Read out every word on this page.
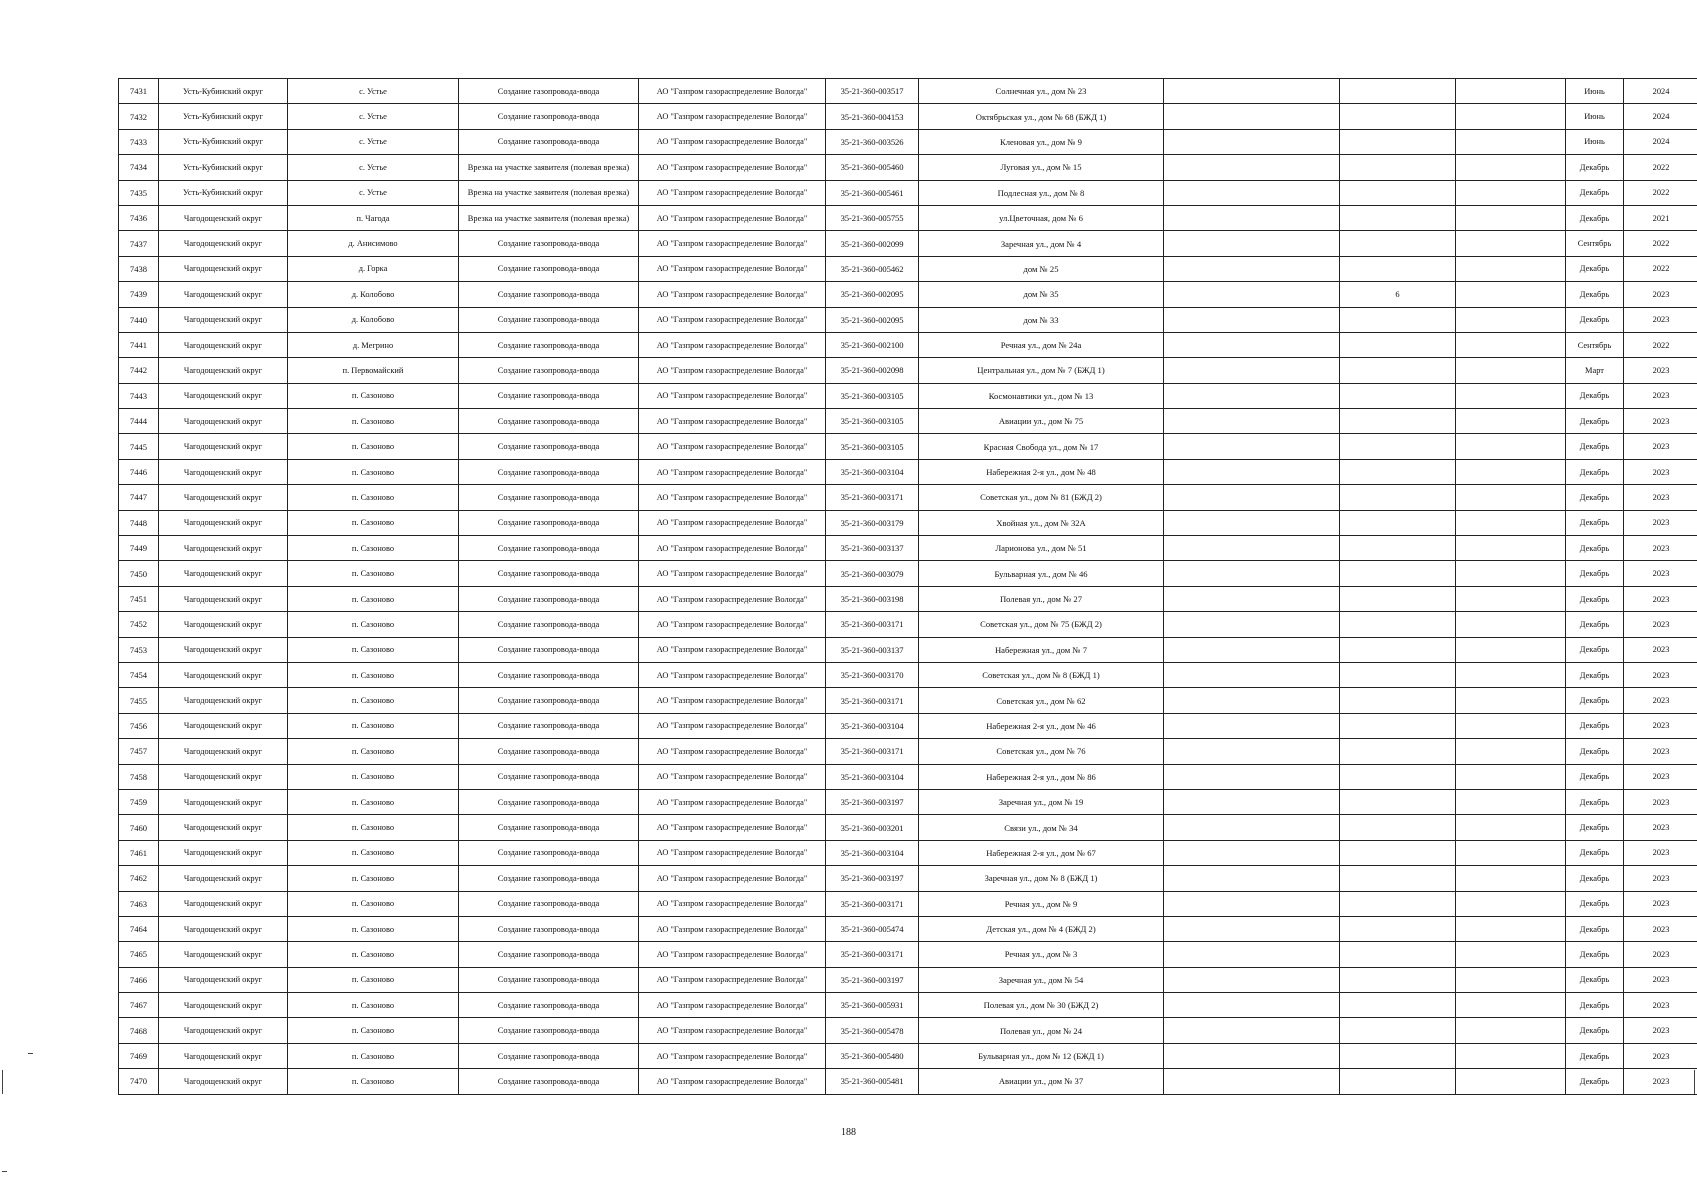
7431	Усть-Кубинский округ	с. Устье	Создание газопровода-ввода	АО "Газпром газораспределение Вологда"	35-21-360-003517	Солнечная ул., дом № 23				Июнь	2024
7432	Усть-Кубинский округ	с. Устье	Создание газопровода-ввода	АО "Газпром газораспределение Вологда"	35-21-360-004153	Октябрьская ул., дом № 68 (БЖД 1)				Июнь	2024
7433	Усть-Кубинский округ	с. Устье	Создание газопровода-ввода	АО "Газпром газораспределение Вологда"	35-21-360-003526	Кленовая ул., дом № 9				Июнь	2024
7434	Усть-Кубинский округ	с. Устье	Врезка на участке заявителя (полевая врезка)	АО "Газпром газораспределение Вологда"	35-21-360-005460	Луговая ул., дом № 15				Декабрь	2022
7435	Усть-Кубинский округ	с. Устье	Врезка на участке заявителя (полевая врезка)	АО "Газпром газораспределение Вологда"	35-21-360-005461	Подлесная ул., дом № 8				Декабрь	2022
7436	Чагодощенский округ	п. Чагода	Врезка на участке заявителя (полевая врезка)	АО "Газпром газораспределение Вологда"	35-21-360-005755	ул.Цветочная, дом № 6				Декабрь	2021
7437	Чагодощенский округ	д. Анисимово	Создание газопровода-ввода	АО "Газпром газораспределение Вологда"	35-21-360-002099	Заречная ул., дом № 4				Сентябрь	2022
7438	Чагодощенский округ	д. Горка	Создание газопровода-ввода	АО "Газпром газораспределение Вологда"	35-21-360-005462	дом № 25				Декабрь	2022
7439	Чагодощенский округ	д. Колобово	Создание газопровода-ввода	АО "Газпром газораспределение Вологда"	35-21-360-002095	дом № 35		6		Декабрь	2023
7440	Чагодощенский округ	д. Колобово	Создание газопровода-ввода	АО "Газпром газораспределение Вологда"	35-21-360-002095	дом № 33				Декабрь	2023
7441	Чагодощенский округ	д. Мегрино	Создание газопровода-ввода	АО "Газпром газораспределение Вологда"	35-21-360-002100	Речная ул., дом № 24а				Сентябрь	2022
7442	Чагодощенский округ	п. Первомайский	Создание газопровода-ввода	АО "Газпром газораспределение Вологда"	35-21-360-002098	Центральная ул., дом № 7 (БЖД 1)				Март	2023
7443	Чагодощенский округ	п. Сазоново	Создание газопровода-ввода	АО "Газпром газораспределение Вологда"	35-21-360-003105	Космонавтики ул., дом № 13				Декабрь	2023
7444	Чагодощенский округ	п. Сазоново	Создание газопровода-ввода	АО "Газпром газораспределение Вологда"	35-21-360-003105	Авиации ул., дом № 75				Декабрь	2023
7445	Чагодощенский округ	п. Сазоново	Создание газопровода-ввода	АО "Газпром газораспределение Вологда"	35-21-360-003105	Красная Свобода ул., дом № 17				Декабрь	2023
7446	Чагодощенский округ	п. Сазоново	Создание газопровода-ввода	АО "Газпром газораспределение Вологда"	35-21-360-003104	Набережная 2-я ул., дом № 48				Декабрь	2023
7447	Чагодощенский округ	п. Сазоново	Создание газопровода-ввода	АО "Газпром газораспределение Вологда"	35-21-360-003171	Советская ул., дом № 81 (БЖД 2)				Декабрь	2023
7448	Чагодощенский округ	п. Сазоново	Создание газопровода-ввода	АО "Газпром газораспределение Вологда"	35-21-360-003179	Хвойная ул., дом № 32А				Декабрь	2023
7449	Чагодощенский округ	п. Сазоново	Создание газопровода-ввода	АО "Газпром газораспределение Вологда"	35-21-360-003137	Ларионова ул., дом № 51				Декабрь	2023
7450	Чагодощенский округ	п. Сазоново	Создание газопровода-ввода	АО "Газпром газораспределение Вологда"	35-21-360-003079	Бульварная ул., дом № 46				Декабрь	2023
7451	Чагодощенский округ	п. Сазоново	Создание газопровода-ввода	АО "Газпром газораспределение Вологда"	35-21-360-003198	Полевая ул., дом № 27				Декабрь	2023
7452	Чагодощенский округ	п. Сазоново	Создание газопровода-ввода	АО "Газпром газораспределение Вологда"	35-21-360-003171	Советская ул., дом № 75 (БЖД 2)				Декабрь	2023
7453	Чагодощенский округ	п. Сазоново	Создание газопровода-ввода	АО "Газпром газораспределение Вологда"	35-21-360-003137	Набережная ул., дом № 7				Декабрь	2023
7454	Чагодощенский округ	п. Сазоново	Создание газопровода-ввода	АО "Газпром газораспределение Вологда"	35-21-360-003170	Советская ул., дом № 8 (БЖД 1)				Декабрь	2023
7455	Чагодощенский округ	п. Сазоново	Создание газопровода-ввода	АО "Газпром газораспределение Вологда"	35-21-360-003171	Советская ул., дом № 62				Декабрь	2023
7456	Чагодощенский округ	п. Сазоново	Создание газопровода-ввода	АО "Газпром газораспределение Вологда"	35-21-360-003104	Набережная 2-я ул., дом № 46				Декабрь	2023
7457	Чагодощенский округ	п. Сазоново	Создание газопровода-ввода	АО "Газпром газораспределение Вологда"	35-21-360-003171	Советская ул., дом № 76				Декабрь	2023
7458	Чагодощенский округ	п. Сазоново	Создание газопровода-ввода	АО "Газпром газораспределение Вологда"	35-21-360-003104	Набережная 2-я ул., дом № 86				Декабрь	2023
7459	Чагодощенский округ	п. Сазоново	Создание газопровода-ввода	АО "Газпром газораспределение Вологда"	35-21-360-003197	Заречная ул., дом № 19				Декабрь	2023
7460	Чагодощенский округ	п. Сазоново	Создание газопровода-ввода	АО "Газпром газораспределение Вологда"	35-21-360-003201	Связи ул., дом № 34				Декабрь	2023
7461	Чагодощенский округ	п. Сазоново	Создание газопровода-ввода	АО "Газпром газораспределение Вологда"	35-21-360-003104	Набережная 2-я ул., дом № 67				Декабрь	2023
7462	Чагодощенский округ	п. Сазоново	Создание газопровода-ввода	АО "Газпром газораспределение Вологда"	35-21-360-003197	Заречная ул., дом № 8 (БЖД 1)				Декабрь	2023
7463	Чагодощенский округ	п. Сазоново	Создание газопровода-ввода	АО "Газпром газораспределение Вологда"	35-21-360-003171	Речная ул., дом № 9				Декабрь	2023
7464	Чагодощенский округ	п. Сазоново	Создание газопровода-ввода	АО "Газпром газораспределение Вологда"	35-21-360-005474	Детская ул., дом № 4 (БЖД 2)				Декабрь	2023
7465	Чагодощенский округ	п. Сазоново	Создание газопровода-ввода	АО "Газпром газораспределение Вологда"	35-21-360-003171	Речная ул., дом № 3				Декабрь	2023
7466	Чагодощенский округ	п. Сазоново	Создание газопровода-ввода	АО "Газпром газораспределение Вологда"	35-21-360-003197	Заречная ул., дом № 54				Декабрь	2023
7467	Чагодощенский округ	п. Сазоново	Создание газопровода-ввода	АО "Газпром газораспределение Вологда"	35-21-360-005931	Полевая ул., дом № 30 (БЖД 2)				Декабрь	2023
7468	Чагодощенский округ	п. Сазоново	Создание газопровода-ввода	АО "Газпром газораспределение Вологда"	35-21-360-005478	Полевая ул., дом № 24				Декабрь	2023
7469	Чагодощенский округ	п. Сазоново	Создание газопровода-ввода	АО "Газпром газораспределение Вологда"	35-21-360-005480	Бульварная ул., дом № 12 (БЖД 1)				Декабрь	2023
7470	Чагодощенский округ	п. Сазоново	Создание газопровода-ввода	АО "Газпром газораспределение Вологда"	35-21-360-005481	Авиации ул., дом № 37				Декабрь	2023
188
